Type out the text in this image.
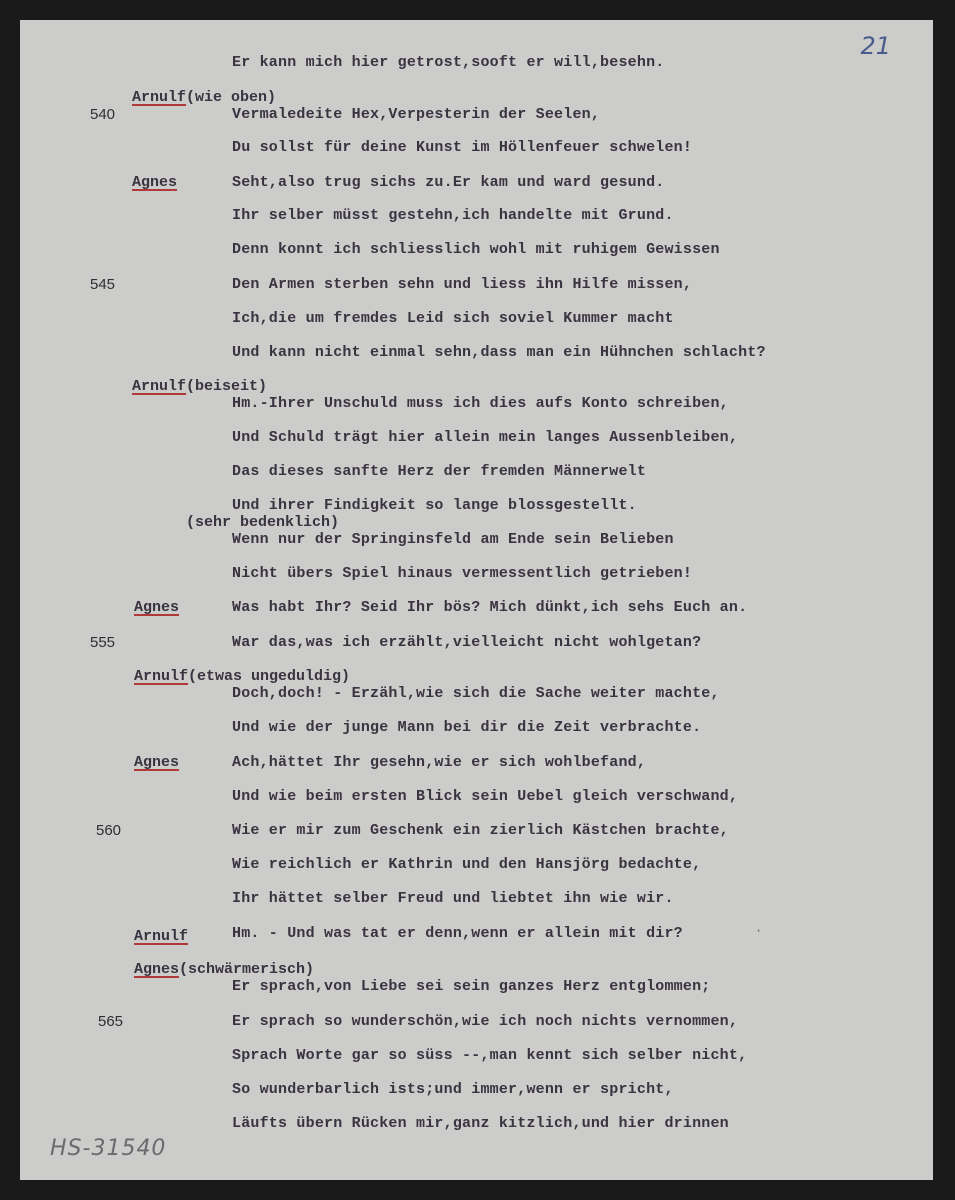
21
Er kann mich hier getrost,sooft er will,besehn.
Arnulf(wie oben)
540	Vermaledeite Hex,Verpesterin der Seelen,
Du sollst für deine Kunst im Höllenfeuer schwelen!
Agnes	Seht,also trug sichs zu.Er kam und ward gesund.
Ihr selber müsst gestehn,ich handelte mit Grund.
Denn konnt ich schliesslich wohl mit ruhigem Gewissen
545	Den Armen sterben sehn und liess ihn Hilfe missen,
Ich,die um fremdes Leid sich soviel Kummer macht
Und kann nicht einmal sehn,dass man ein Hühnchen schlacht?
Arnulf(beiseit)
Hm.-Ihrer Unschuld muss ich dies aufs Konto schreiben,
Und Schuld trägt hier allein mein langes Aussenbleiben,
Das dieses sanfte Herz der fremden Männerwelt
Und ihrer Findigkeit so lange blossgestellt.
(sehr bedenklich)
Wenn nur der Springinsfeld am Ende sein Belieben
Nicht übers Spiel hinaus vermessentlich getrieben!
Agnes	Was habt Ihr? Seid Ihr bös? Mich dünkt,ich sehs Euch an.
555	War das,was ich erzählt,vielleicht nicht wohlgetan?
Arnulf(etwas ungeduldig)
Doch,doch! - Erzähl,wie sich die Sache weiter machte,
Und wie der junge Mann bei dir die Zeit verbrachte.
Agnes	Ach,hättet Ihr gesehn,wie er sich wohlbefand,
Und wie beim ersten Blick sein Uebel gleich verschwand,
560	Wie er mir zum Geschenk ein zierlich Kästchen brachte,
Wie reichlich er Kathrin und den Hansjörg bedachte,
Ihr hättet selber Freud und liebtet ihn wie wir.
Arnulf	Hm. - Und was tat er denn,wenn er allein mit dir?	·
Agnes(schwärmerisch)
Er sprach,von Liebe sei sein ganzes Herz entglommen;
565	Er sprach so wunderschön,wie ich noch nichts vernommen,
Sprach Worte gar so süss --,man kennt sich selber nicht,
So wunderbarlich ists;und immer,wenn er spricht,
Läufts übern Rücken mir,ganz kitzlich,und hier drinnen
HS-31540
